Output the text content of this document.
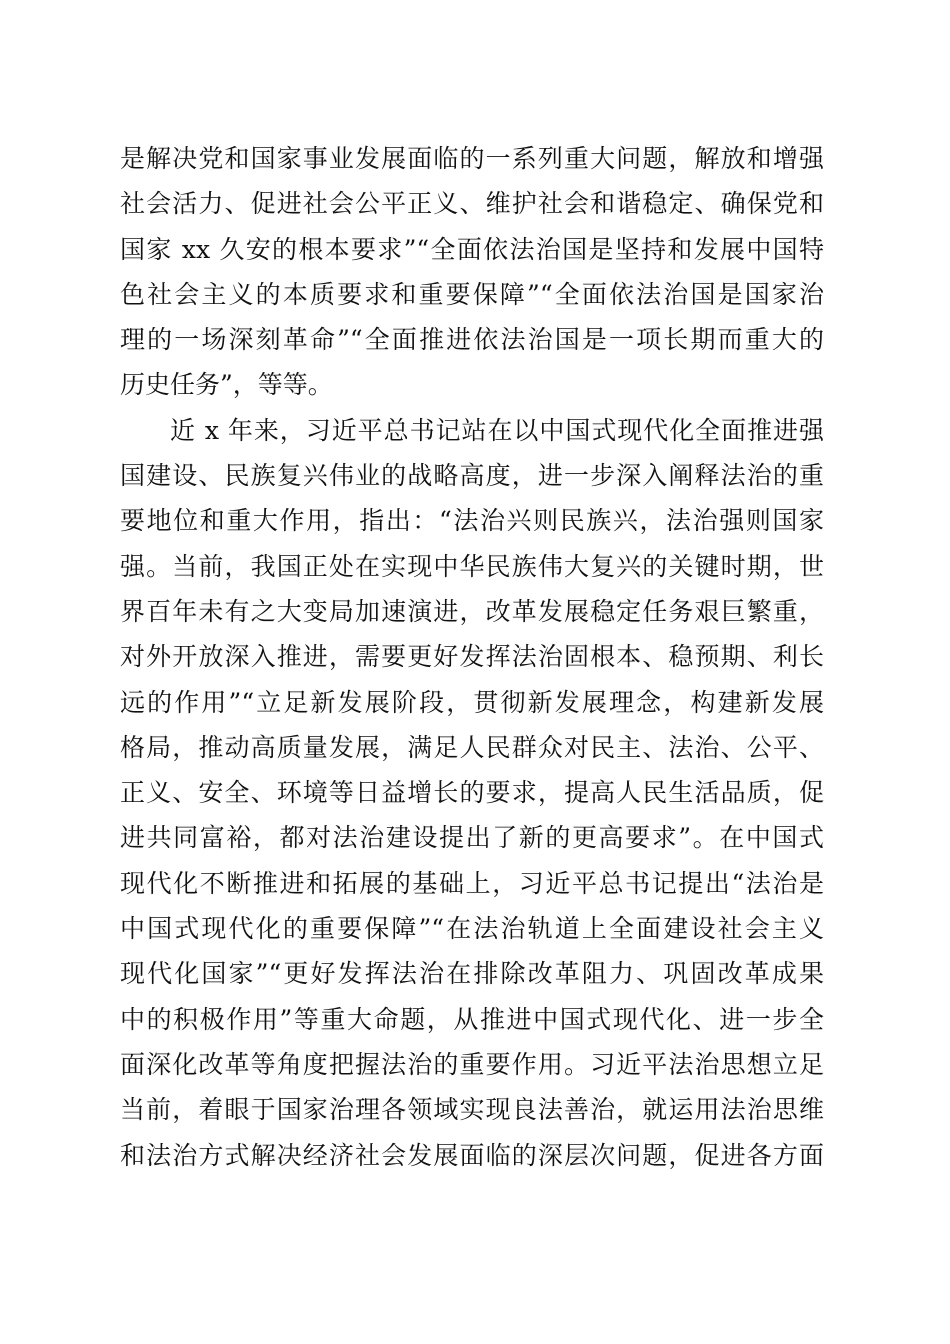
是解决党和国家事业发展面临的一系列重大问题，解放和增强
社会活力、促进社会公平正义、维护社会和谐稳定、确保党和
国家 xx 久安的根本要求”“全面依法治国是坚持和发展中国特
色社会主义的本质要求和重要保障”“全面依法治国是国家治
理的一场深刻革命”“全面推进依法治国是一项长期而重大的
历史任务”，等等。
近 x 年来，习近平总书记站在以中国式现代化全面推进强
国建设、民族复兴伟业的战略高度，进一步深入阐释法治的重
要地位和重大作用，指出：“法治兴则民族兴，法治强则国家
强。当前，我国正处在实现中华民族伟大复兴的关键时期，世
界百年未有之大变局加速演进，改革发展稳定任务艰巨繁重，
对外开放深入推进，需要更好发挥法治固根本、稳预期、利长
远的作用”“立足新发展阶段，贯彻新发展理念，构建新发展
格局，推动高质量发展，满足人民群众对民主、法治、公平、
正义、安全、环境等日益增长的要求，提高人民生活品质，促
进共同富裕，都对法治建设提出了新的更高要求”。在中国式
现代化不断推进和拓展的基础上，习近平总书记提出“法治是
中国式现代化的重要保障”“在法治轨道上全面建设社会主义
现代化国家”“更好发挥法治在排除改革阻力、巩固改革成果
中的积极作用”等重大命题，从推进中国式现代化、进一步全
面深化改革等角度把握法治的重要作用。习近平法治思想立足
当前，着眼于国家治理各领域实现良法善治，就运用法治思维
和法治方式解决经济社会发展面临的深层次问题，促进各方面
